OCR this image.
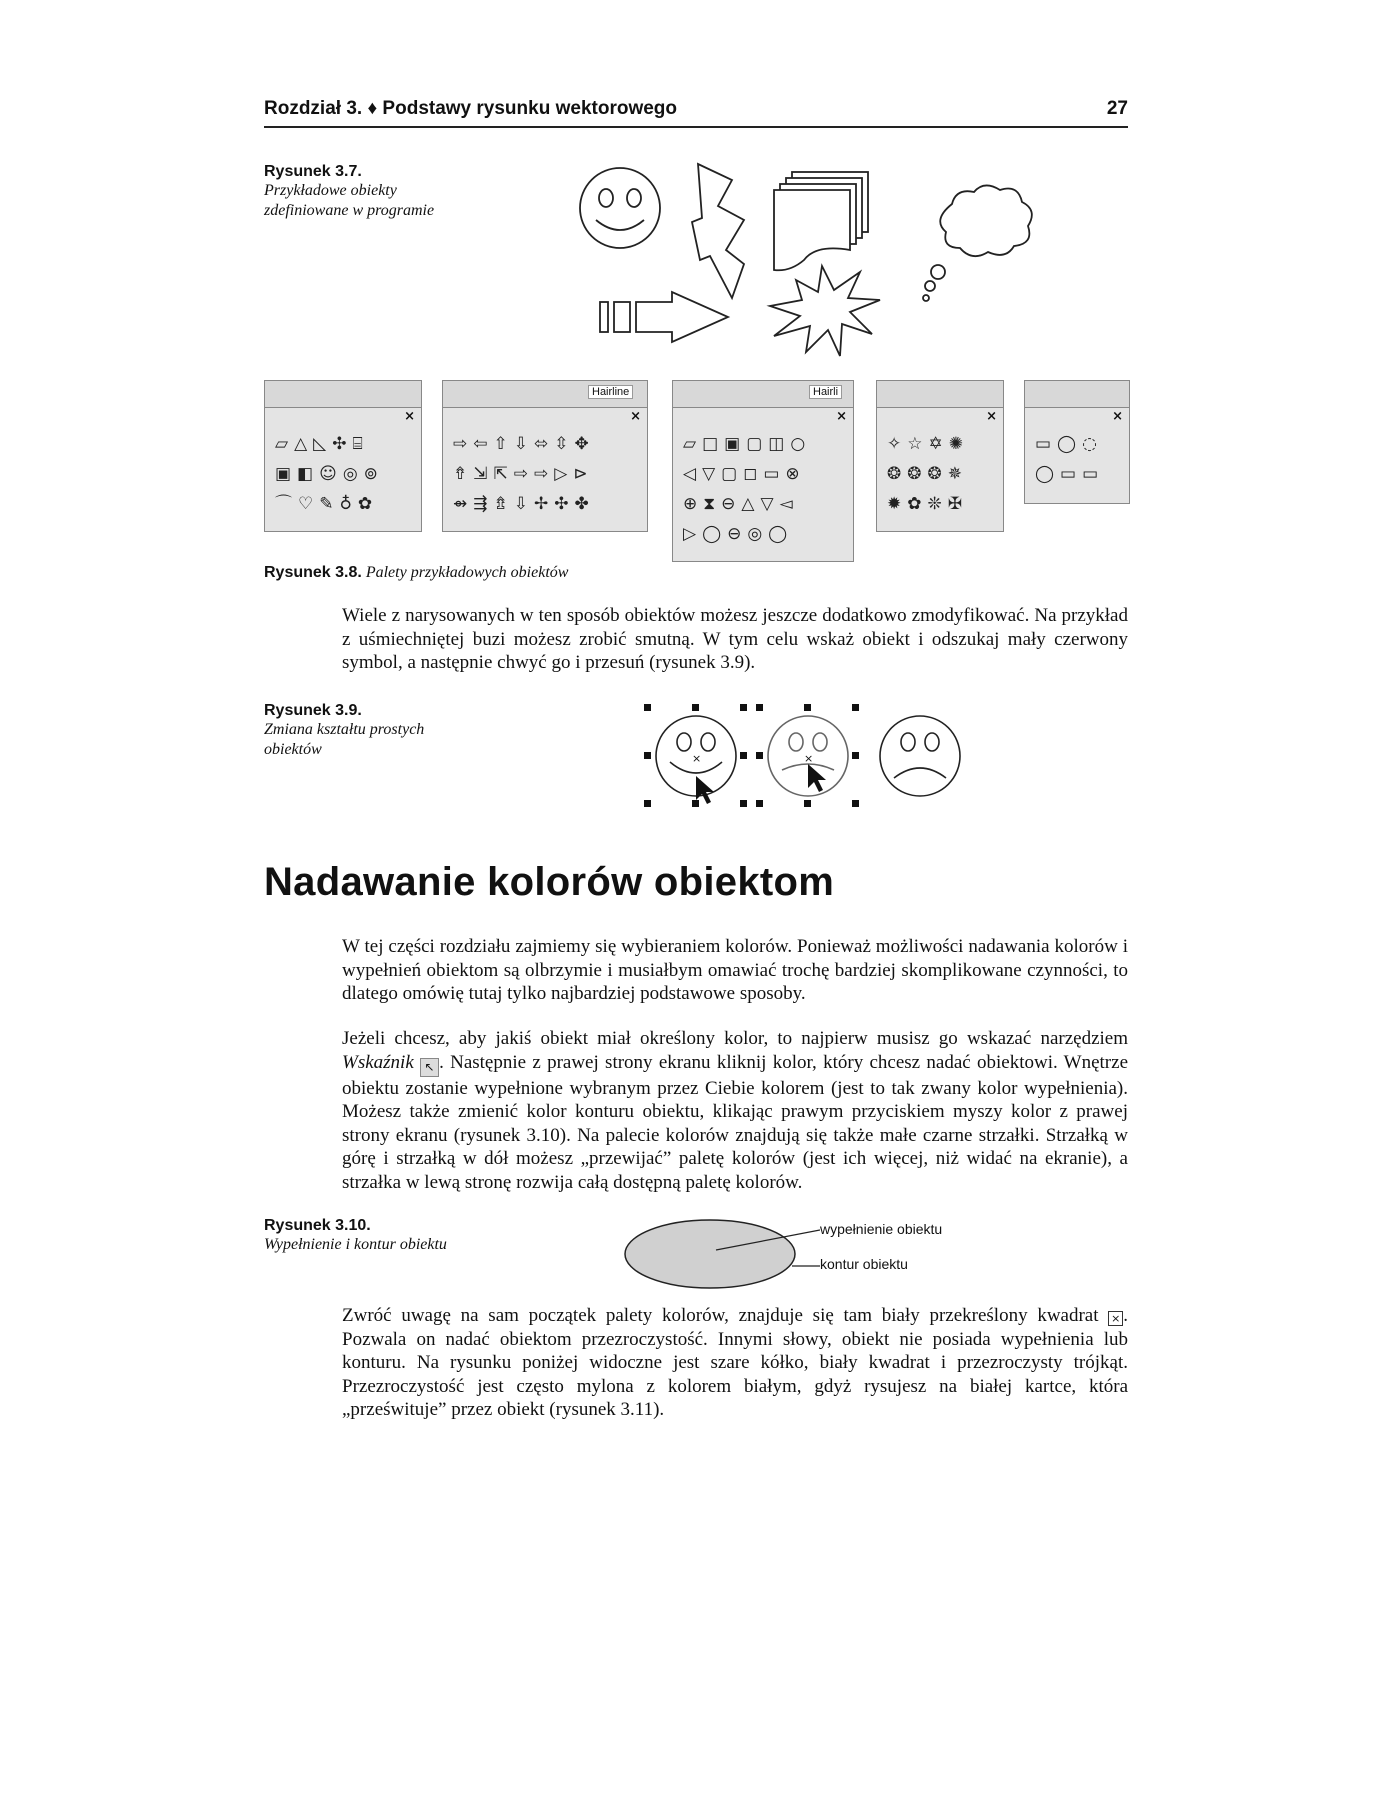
Rozdział 3. ♦ Podstawy rysunku wektorowego	27
Rysunek 3.7.
Przykładowe obiekty zdefiniowane w programie
×
▱△◺✣⌸
▣◧☺◎⊚
⌒♡✎♁✿
Hairline
×
⇨⇦⇧⇩⬄⇳✥
⇮⇲⇱⇨⇨▷⊳
⇴⇶⇯⇩✢✣✤
Hairli
×
▱□▣▢◫○
◁▽▢◻▭⊗
⊕⧗⊖△▽◅
▷◯⊖◎◯
×
✧☆✡✺
❂❂❂✵
✹✿❊✠
×
▭◯◌
◯▭▭
Rysunek 3.8. Palety przykładowych obiektów
Wiele z narysowanych w ten sposób obiektów możesz jeszcze dodatkowo zmodyfikować. Na przykład z uśmiechniętej buzi możesz zrobić smutną. W tym celu wskaż obiekt i odszukaj mały czerwony symbol, a następnie chwyć go i przesuń (rysunek 3.9).
Rysunek 3.9.
Zmiana kształtu prostych obiektów
×	×
Nadawanie kolorów obiektom
W tej części rozdziału zajmiemy się wybieraniem kolorów. Ponieważ możliwości nadawania kolorów i wypełnień obiektom są olbrzymie i musiałbym omawiać trochę bardziej skomplikowane czynności, to dlatego omówię tutaj tylko najbardziej podstawowe sposoby.
Jeżeli chcesz, aby jakiś obiekt miał określony kolor, to najpierw musisz go wskazać narzędziem Wskaźnik ↖ . Następnie z prawej strony ekranu kliknij kolor, który chcesz nadać obiektowi. Wnętrze obiektu zostanie wypełnione wybranym przez Ciebie kolorem (jest to tak zwany kolor wypełnienia). Możesz także zmienić kolor konturu obiektu, klikając prawym przyciskiem myszy kolor z prawej strony ekranu (rysunek 3.10). Na palecie kolorów znajdują się także małe czarne strzałki. Strzałką w górę i strzałką w dół możesz „przewijać” paletę kolorów (jest ich więcej, niż widać na ekranie), a strzałka w lewą stronę rozwija całą dostępną paletę kolorów.
Rysunek 3.10.
Wypełnienie i kontur obiektu
wypełnienie obiektu
kontur obiektu
Zwróć uwagę na sam początek palety kolorów, znajduje się tam biały przekreślony kwadrat × . Pozwala on nadać obiektom przezroczystość. Innymi słowy, obiekt nie posiada wypełnienia lub konturu. Na rysunku poniżej widoczne jest szare kółko, biały kwadrat i przezroczysty trójkąt. Przezroczystość jest często mylona z kolorem białym, gdyż rysujesz na białej kartce, która „prześwituje” przez obiekt (rysunek 3.11).
